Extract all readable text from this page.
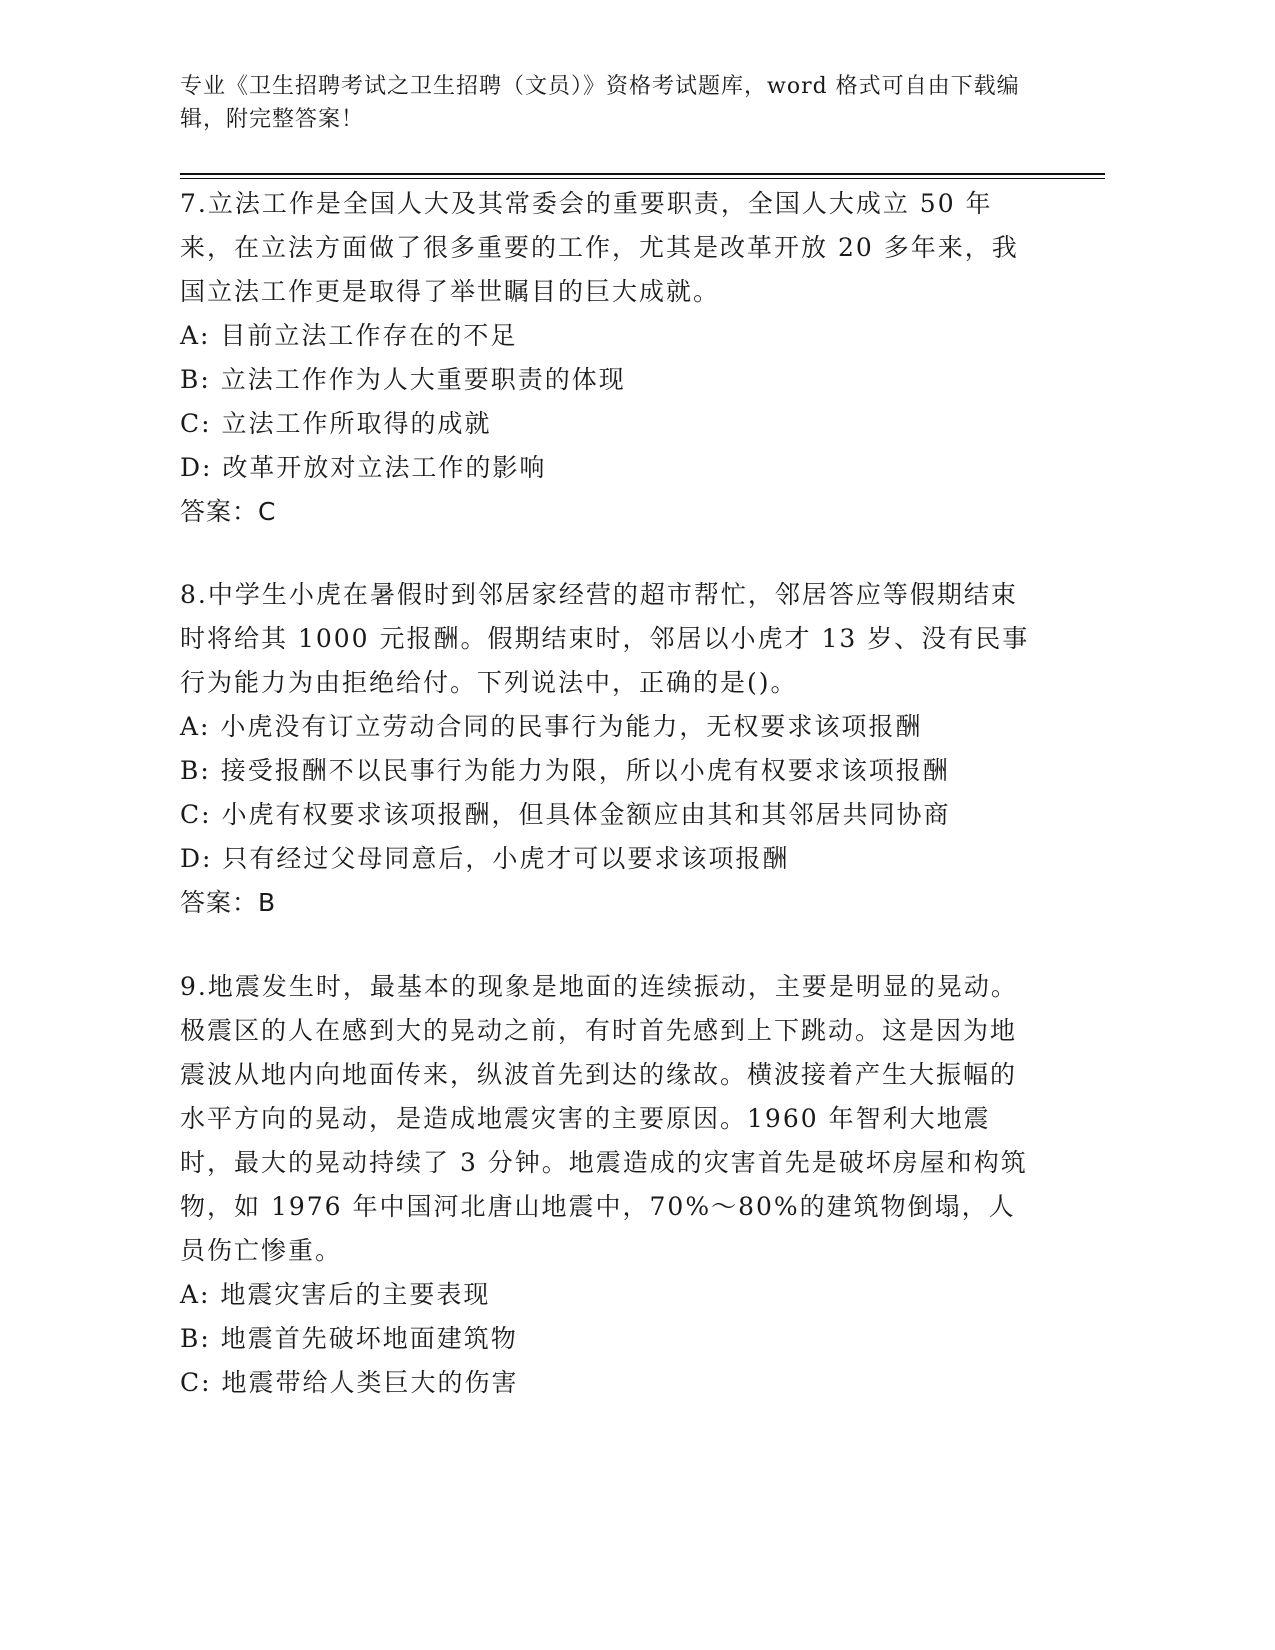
专业《卫生招聘考试之卫生招聘（文员）》资格考试题库，word 格式可自由下载编辑，附完整答案！

7.立法工作是全国人大及其常委会的重要职责，全国人大成立 50 年来，在立法方面做了很多重要的工作，尤其是改革开放 20 多年来，我国立法工作更是取得了举世瞩目的巨大成就。

A: 目前立法工作存在的不足

B: 立法工作作为人大重要职责的体现

C: 立法工作所取得的成就

D: 改革开放对立法工作的影响

答案：C

8.中学生小虎在暑假时到邻居家经营的超市帮忙，邻居答应等假期结束时将给其 1000 元报酬。假期结束时，邻居以小虎才 13 岁、没有民事行为能力为由拒绝给付。下列说法中，正确的是()。

A: 小虎没有订立劳动合同的民事行为能力，无权要求该项报酬

B: 接受报酬不以民事行为能力为限，所以小虎有权要求该项报酬

C: 小虎有权要求该项报酬，但具体金额应由其和其邻居共同协商

D: 只有经过父母同意后，小虎才可以要求该项报酬

答案：B

9.地震发生时，最基本的现象是地面的连续振动，主要是明显的晃动。极震区的人在感到大的晃动之前，有时首先感到上下跳动。这是因为地震波从地内向地面传来，纵波首先到达的缘故。横波接着产生大振幅的水平方向的晃动，是造成地震灾害的主要原因。1960 年智利大地震时，最大的晃动持续了 3 分钟。地震造成的灾害首先是破坏房屋和构筑物，如 1976 年中国河北唐山地震中，70%～80%的建筑物倒塌，人员伤亡惨重。

A: 地震灾害后的主要表现

B: 地震首先破坏地面建筑物

C: 地震带给人类巨大的伤害
